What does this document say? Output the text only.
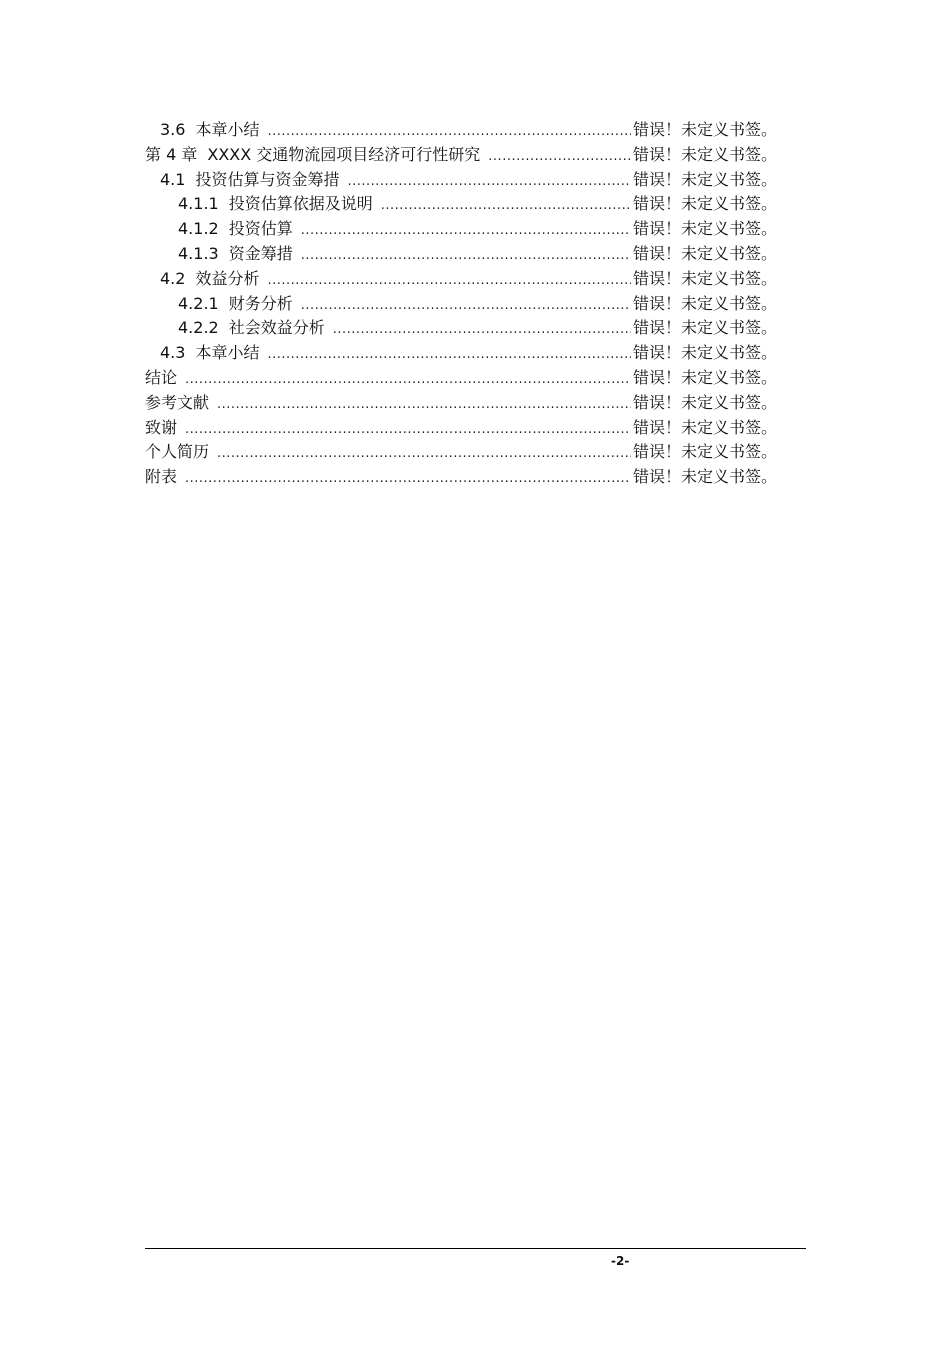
3.6 本章小结 .....	错误！未定义书签。
第 4 章 XXXX 交通物流园项目经济可行性研究 .....	错误！未定义书签。
4.1 投资估算与资金筹措 .....	错误！未定义书签。
4.1.1 投资估算依据及说明 .....	错误！未定义书签。
4.1.2 投资估算 .....	错误！未定义书签。
4.1.3 资金筹措 .....	错误！未定义书签。
4.2 效益分析 .....	错误！未定义书签。
4.2.1 财务分析 .....	错误！未定义书签。
4.2.2 社会效益分析 .....	错误！未定义书签。
4.3 本章小结 .....	错误！未定义书签。
结论 .....	错误！未定义书签。
参考文献 .....	错误！未定义书签。
致谢 .....	错误！未定义书签。
个人简历 .....	错误！未定义书签。
附表 .....	错误！未定义书签。
-2-
